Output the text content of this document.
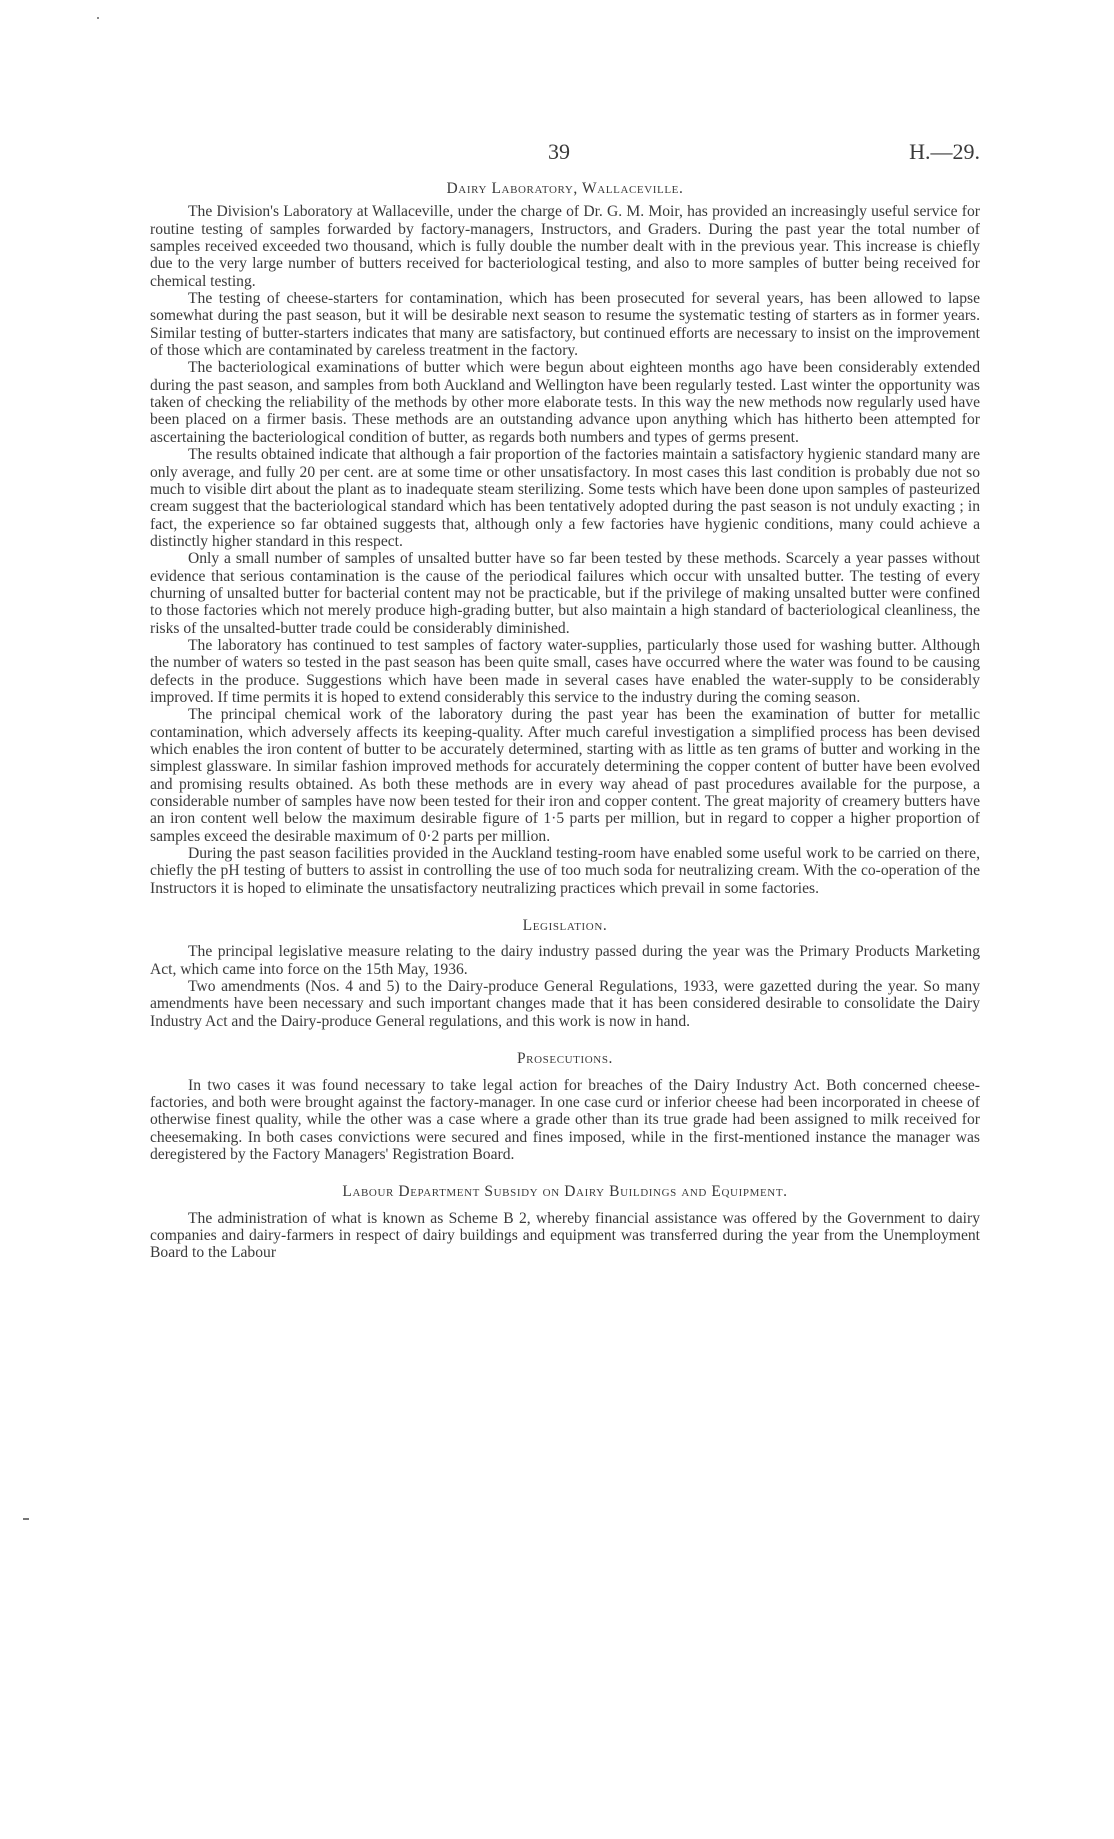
39	H.—29.
Dairy Laboratory, Wallaceville.

The Division's Laboratory at Wallaceville, under the charge of Dr. G. M. Moir, has provided an increasingly useful service for routine testing of samples forwarded by factory-managers, Instructors, and Graders. During the past year the total number of samples received exceeded two thousand, which is fully double the number dealt with in the previous year. This increase is chiefly due to the very large number of butters received for bacteriological testing, and also to more samples of butter being received for chemical testing.

The testing of cheese-starters for contamination, which has been prosecuted for several years, has been allowed to lapse somewhat during the past season, but it will be desirable next season to resume the systematic testing of starters as in former years. Similar testing of butter-starters indicates that many are satisfactory, but continued efforts are necessary to insist on the improvement of those which are contaminated by careless treatment in the factory.

The bacteriological examinations of butter which were begun about eighteen months ago have been considerably extended during the past season, and samples from both Auckland and Wellington have been regularly tested. Last winter the opportunity was taken of checking the reliability of the methods by other more elaborate tests. In this way the new methods now regularly used have been placed on a firmer basis. These methods are an outstanding advance upon anything which has hitherto been attempted for ascertaining the bacteriological condition of butter, as regards both numbers and types of germs present.

The results obtained indicate that although a fair proportion of the factories maintain a satisfactory hygienic standard many are only average, and fully 20 per cent. are at some time or other unsatisfactory. In most cases this last condition is probably due not so much to visible dirt about the plant as to inadequate steam sterilizing. Some tests which have been done upon samples of pasteurized cream suggest that the bacteriological standard which has been tentatively adopted during the past season is not unduly exacting ; in fact, the experience so far obtained suggests that, although only a few factories have hygienic conditions, many could achieve a distinctly higher standard in this respect.

Only a small number of samples of unsalted butter have so far been tested by these methods. Scarcely a year passes without evidence that serious contamination is the cause of the periodical failures which occur with unsalted butter. The testing of every churning of unsalted butter for bacterial content may not be practicable, but if the privilege of making unsalted butter were confined to those factories which not merely produce high-grading butter, but also maintain a high standard of bacteriological cleanliness, the risks of the unsalted-butter trade could be considerably diminished.

The laboratory has continued to test samples of factory water-supplies, particularly those used for washing butter. Although the number of waters so tested in the past season has been quite small, cases have occurred where the water was found to be causing defects in the produce. Suggestions which have been made in several cases have enabled the water-supply to be considerably improved. If time permits it is hoped to extend considerably this service to the industry during the coming season.

The principal chemical work of the laboratory during the past year has been the examination of butter for metallic contamination, which adversely affects its keeping-quality. After much careful investigation a simplified process has been devised which enables the iron content of butter to be accurately determined, starting with as little as ten grams of butter and working in the simplest glassware. In similar fashion improved methods for accurately determining the copper content of butter have been evolved and promising results obtained. As both these methods are in every way ahead of past procedures available for the purpose, a considerable number of samples have now been tested for their iron and copper content. The great majority of creamery butters have an iron content well below the maximum desirable figure of 1·5 parts per million, but in regard to copper a higher proportion of samples exceed the desirable maximum of 0·2 parts per million.

During the past season facilities provided in the Auckland testing-room have enabled some useful work to be carried on there, chiefly the pH testing of butters to assist in controlling the use of too much soda for neutralizing cream. With the co-operation of the Instructors it is hoped to eliminate the unsatisfactory neutralizing practices which prevail in some factories.

Legislation.

The principal legislative measure relating to the dairy industry passed during the year was the Primary Products Marketing Act, which came into force on the 15th May, 1936.

Two amendments (Nos. 4 and 5) to the Dairy-produce General Regulations, 1933, were gazetted during the year. So many amendments have been necessary and such important changes made that it has been considered desirable to consolidate the Dairy Industry Act and the Dairy-produce General regulations, and this work is now in hand.

Prosecutions.

In two cases it was found necessary to take legal action for breaches of the Dairy Industry Act. Both concerned cheese-factories, and both were brought against the factory-manager. In one case curd or inferior cheese had been incorporated in cheese of otherwise finest quality, while the other was a case where a grade other than its true grade had been assigned to milk received for cheesemaking. In both cases convictions were secured and fines imposed, while in the first-mentioned instance the manager was deregistered by the Factory Managers' Registration Board.

Labour Department Subsidy on Dairy Buildings and Equipment.

The administration of what is known as Scheme B 2, whereby financial assistance was offered by the Government to dairy companies and dairy-farmers in respect of dairy buildings and equipment was transferred during the year from the Unemployment Board to the Labour
